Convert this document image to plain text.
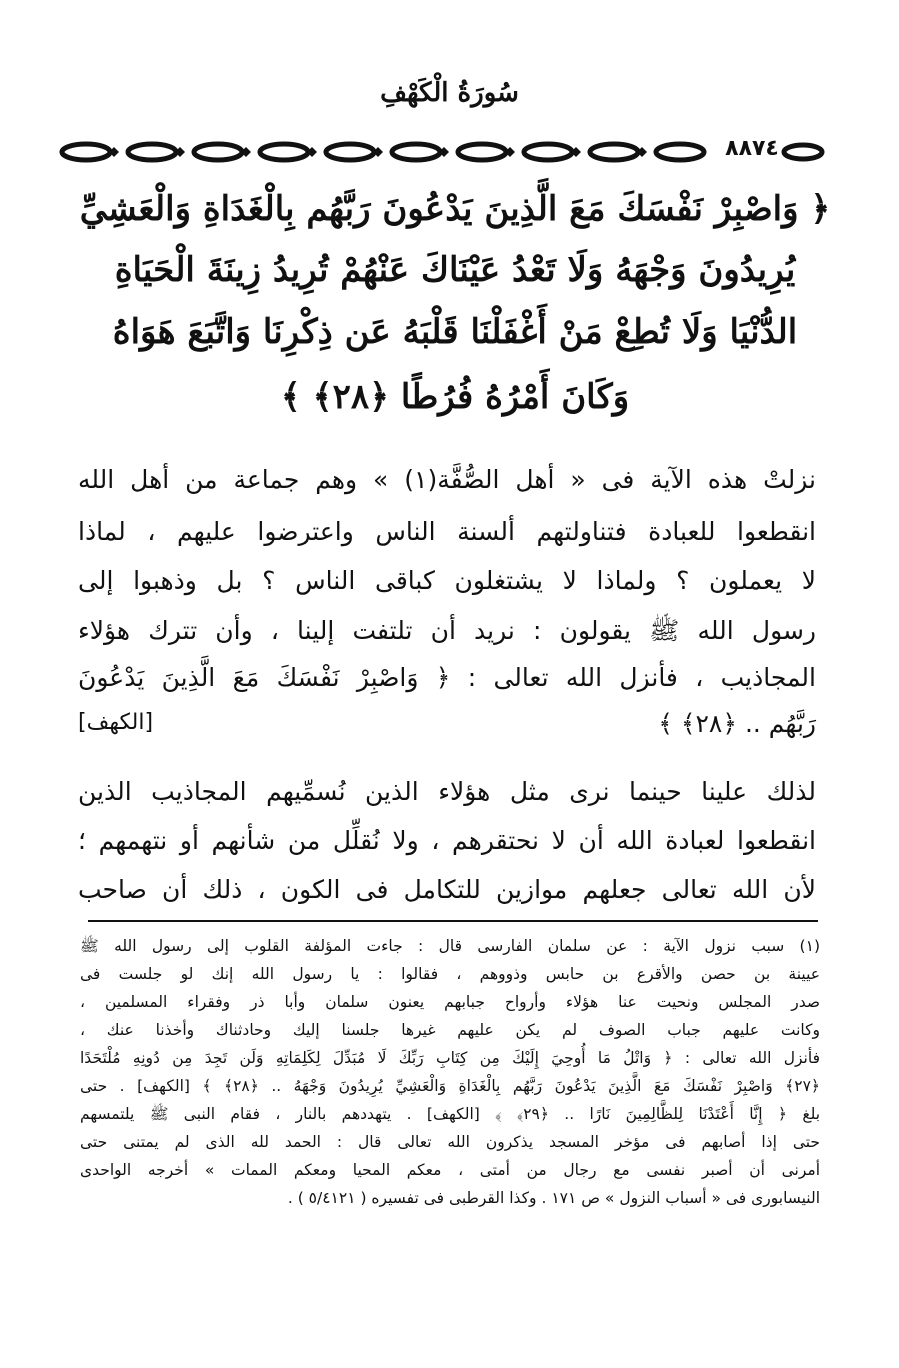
سُورَةُ الْكَهْفِ
٨٨٧٤
﴿ وَاصْبِرْ نَفْسَكَ مَعَ الَّذِينَ يَدْعُونَ رَبَّهُم بِالْغَدَاةِ وَالْعَشِيِّ
يُرِيدُونَ وَجْهَهُ وَلَا تَعْدُ عَيْنَاكَ عَنْهُمْ تُرِيدُ زِينَةَ الْحَيَاةِ
الدُّنْيَا وَلَا تُطِعْ مَنْ أَغْفَلْنَا قَلْبَهُ عَن ذِكْرِنَا وَاتَّبَعَ هَوَاهُ
وَكَانَ أَمْرُهُ فُرُطًا ﴿٢٨﴾ ﴾
نزلتْ هذه الآية فى « أهل الصُّفَّة(١) » وهم جماعة من أهل الله
انقطعوا للعبادة فتناولتهم ألسنة الناس واعترضوا عليهم ، لماذا
لا يعملون ؟ ولماذا لا يشتغلون كباقى الناس ؟ بل وذهبوا إلى
رسول الله ﷺ يقولون : نريد أن تلتفت إلينا ، وأن تترك هؤلاء
المجاذيب ، فأنزل الله تعالى : ﴿ وَاصْبِرْ نَفْسَكَ مَعَ الَّذِينَ يَدْعُونَ
رَبَّهُم .. ﴿٢٨﴾ ﴾
[الكهف]
لذلك علينا حينما نرى مثل هؤلاء الذين نُسمِّيهم المجاذيب الذين
انقطعوا لعبادة الله أن لا نحتقرهم ، ولا نُقلِّل من شأنهم أو نتهمهم ؛
لأن الله تعالى جعلهم موازين للتكامل فى الكون ، ذلك أن صاحب
(١) سبب نزول الآية : عن سلمان الفارسى قال : جاءت المؤلفة القلوب إلى رسول الله ﷺ
عيينة بن حصن والأقرع بن حابس وذووهم ، فقالوا : يا رسول الله إنك لو جلست فى
صدر المجلس ونحيت عنا هؤلاء وأرواح جبابهم يعنون سلمان وأبا ذر وفقراء المسلمين ،
وكانت عليهم جباب الصوف لم يكن عليهم غيرها جلسنا إليك وحادثناك وأخذنا عنك ،
فأنزل الله تعالى : ﴿ وَاتْلُ مَا أُوحِيَ إِلَيْكَ مِن كِتَابِ رَبِّكَ لَا مُبَدِّلَ لِكَلِمَاتِهِ وَلَن تَجِدَ مِن دُونِهِ مُلْتَحَدًا
﴿٢٧﴾ وَاصْبِرْ نَفْسَكَ مَعَ الَّذِينَ يَدْعُونَ رَبَّهُم بِالْغَدَاةِ وَالْعَشِيِّ يُرِيدُونَ وَجْهَهُ .. ﴿٢٨﴾ ﴾ [الكهف] . حتى
بلغ ﴿ إِنَّا أَعْتَدْنَا لِلظَّالِمِينَ نَارًا .. ﴿٢٩﴾ ﴾ [الكهف] . يتهددهم بالنار ، فقام النبى ﷺ يلتمسهم
حتى إذا أصابهم فى مؤخر المسجد يذكرون الله تعالى قال : الحمد لله الذى لم يمتنى حتى
أمرنى أن أصبر نفسى مع رجال من أمتى ، معكم المحيا ومعكم الممات » أخرجه الواحدى
النيسابورى فى « أسباب النزول » ص ١٧١ . وكذا القرطبى فى تفسيره ( ٥/٤١٢١ ) .
